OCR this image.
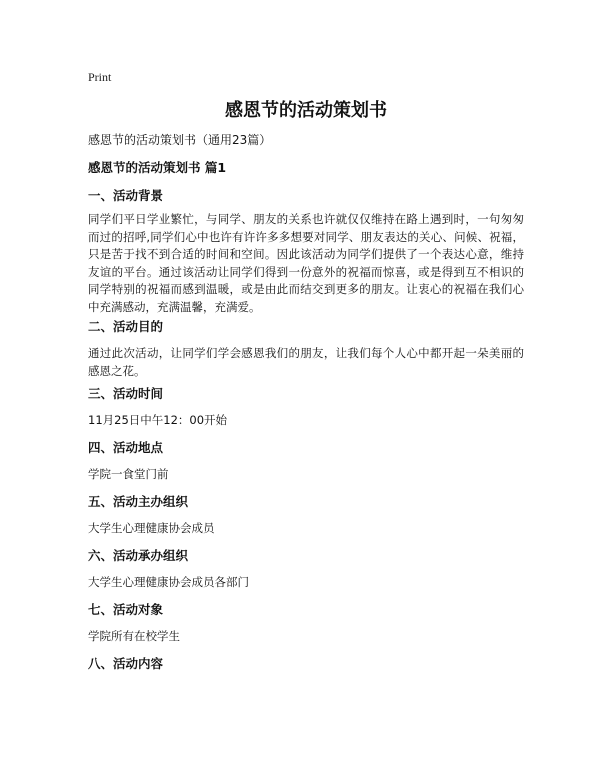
Print
感恩节的活动策划书

感恩节的活动策划书（通用23篇）

感恩节的活动策划书 篇1
一、活动背景

同学们平日学业繁忙，与同学、朋友的关系也许就仅仅维持在路上遇到时，一句匆匆而过的招呼,同学们心中也许有许许多多想要对同学、朋友表达的关心、问候、祝福，只是苦于找不到合适的时间和空间。因此该活动为同学们提供了一个表达心意，维持友谊的平台。通过该活动让同学们得到一份意外的祝福而惊喜，或是得到互不相识的同学特别的祝福而感到温暖，或是由此而结交到更多的朋友。让衷心的祝福在我们心中充满感动，充满温馨，充满爱。

二、活动目的

通过此次活动，让同学们学会感恩我们的朋友，让我们每个人心中都开起一朵美丽的感恩之花。

三、活动时间

11月25日中午12：00开始

四、活动地点

学院一食堂门前

五、活动主办组织

大学生心理健康协会成员

六、活动承办组织

大学生心理健康协会成员各部门

七、活动对象

学院所有在校学生

八、活动内容
